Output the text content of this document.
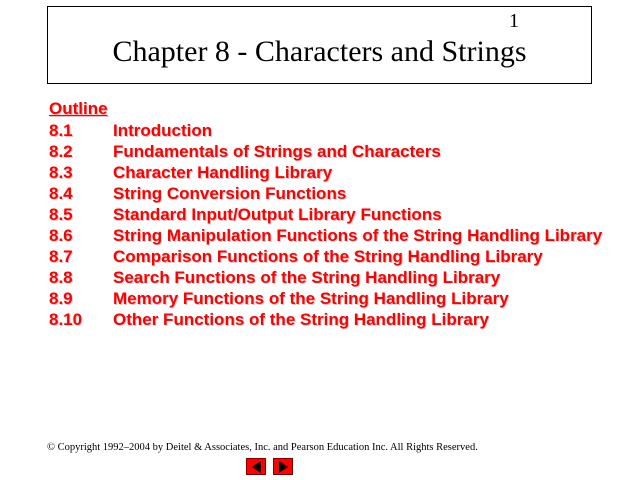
1
Chapter 8 - Characters and Strings
Outline
8.1	Introduction
8.2	Fundamentals of Strings and Characters
8.3	Character Handling Library
8.4	String Conversion Functions
8.5	Standard Input/Output Library Functions
8.6	String Manipulation Functions of the String Handling Library
8.7	Comparison Functions of the String Handling Library
8.8	Search Functions of the String Handling Library
8.9	Memory Functions of the String Handling Library
8.10	Other Functions of the String Handling Library
© Copyright 1992–2004 by Deitel & Associates, Inc. and Pearson Education Inc. All Rights Reserved.
